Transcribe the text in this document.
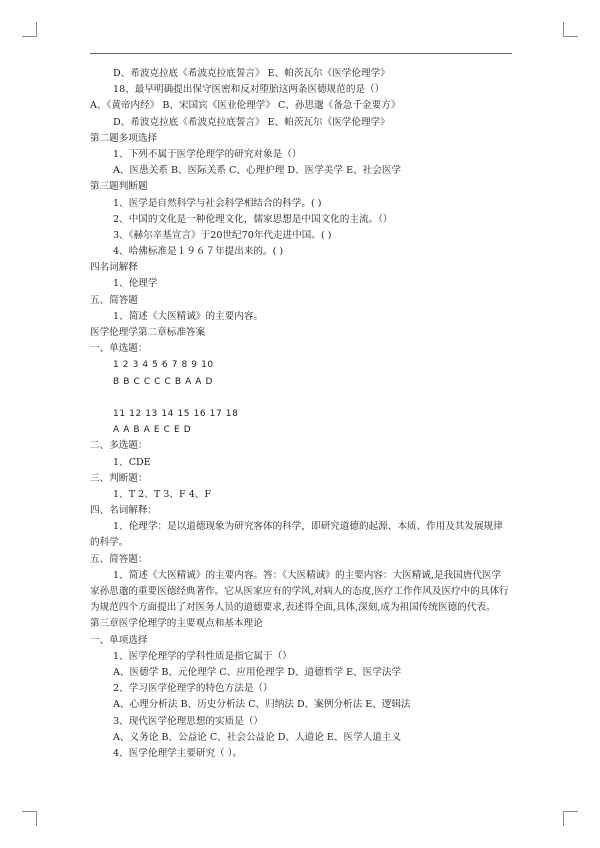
D、希波克拉底《希波克拉底誓言》 E、帕茨瓦尔《医学伦理学》
18、最早明确提出保守医密和反对堕胎这两条医德规范的是（）
A、《黄帝内经》 B、宋国宾《医业伦理学》 C、孙思邈《备急千金要方》
D、希波克拉底《希波克拉底誓言》 E、帕茨瓦尔《医学伦理学》
第二题多项选择
1、下列不属于医学伦理学的研究对象是（）
A、医患关系 B、医际关系 C、心理护理 D、医学美学 E、社会医学
第三题判断题
1、医学是自然科学与社会科学相结合的科学。( )
2、中国的文化是一种伦理文化，儒家思想是中国文化的主流。（）
3、《赫尔辛基宣言》于20世纪70年代走进中国。( )
4、哈佛标准是１９６７年提出来的。( )
四名词解释
1、伦理学
五、简答题
1、简述《大医精诚》的主要内容。
医学伦理学第二章标准答案
一、单选题：
1 2 3 4 5 6 7 8 9 10
B B C C C C B A A D
11 12 13 14 15 16 17 18
A A B A E C E D
二、多选题：
1、CDE
三、判断题：
1、T 2、T 3、F 4、F
四、名词解释：
1、伦理学：是以道德现象为研究客体的科学，即研究道德的起源、本质、作用及其发展规律的科学。
五、简答题：
1、简述《大医精诚》的主要内容。答：《大医精诚》的主要内容：大医精诚,是我国唐代医学家孙思邈的重要医德经典著作。它从医家应有的学风,对病人的态度,医疗工作作风及医疗中的具体行为规范四个方面提出了对医务人员的道德要求,表述得全面,具体,深刻,成为祖国传统医德的代表。
第三章医学伦理学的主要观点和基本理论
一、单项选择
1、医学伦理学的学科性质是指它属于（）
A、医德学 B、元伦理学 C、应用伦理学 D、道德哲学 E、医学法学
2、学习医学伦理学的特色方法是（）
A、心理分析法 B、历史分析法 C、归纳法 D、案例分析法 E、逻辑法
3、现代医学伦理思想的实质是（）
A、义务论 B、公益论 C、社会公益论 D、人道论 E、医学人道主义
4、医学伦理学主要研究（ ）。
